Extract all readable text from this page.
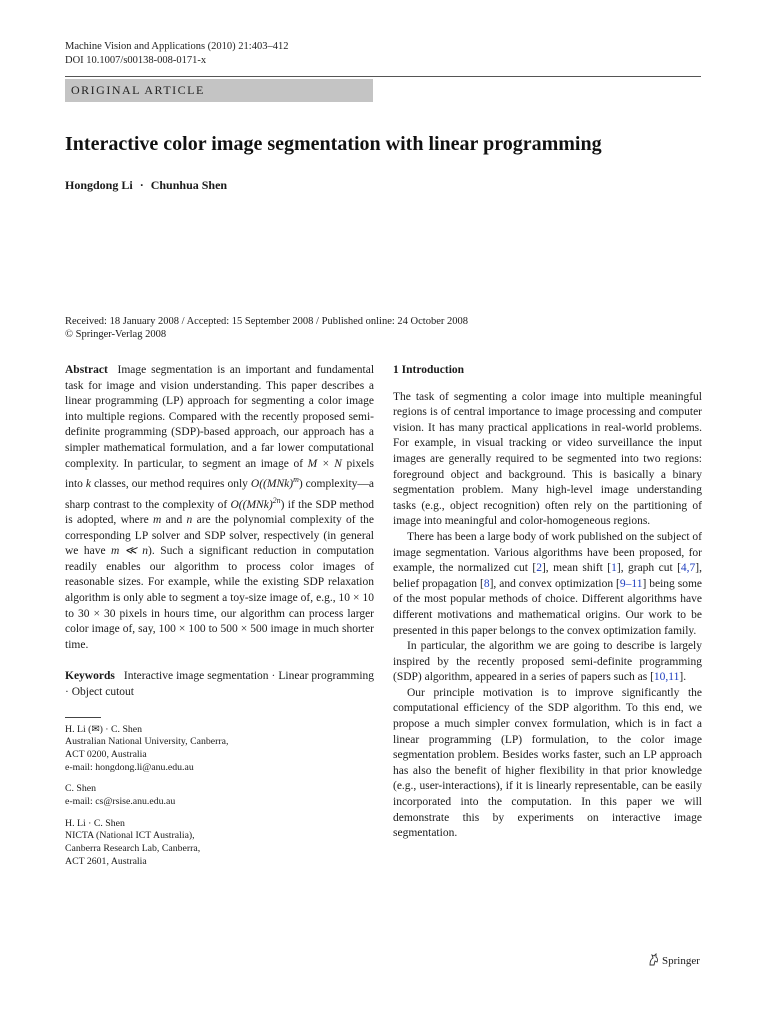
Machine Vision and Applications (2010) 21:403–412
DOI 10.1007/s00138-008-0171-x
ORIGINAL ARTICLE
Interactive color image segmentation with linear programming
Hongdong Li · Chunhua Shen
Received: 18 January 2008 / Accepted: 15 September 2008 / Published online: 24 October 2008
© Springer-Verlag 2008

Abstract Image segmentation is an important and fundamental task for image and vision understanding. This paper describes a linear programming (LP) approach for segmenting a color image into multiple regions. Compared with the recently proposed semi-definite programming (SDP)-based approach, our approach has a simpler mathematical formulation, and a far lower computational complexity. In particular, to segment an image of M × N pixels into k classes, our method requires only O((MNk)$^m$) complexity—a sharp contrast to the complexity of O((MNk)$^{2n}$) if the SDP method is adopted, where m and n are the polynomial complexity of the corresponding LP solver and SDP solver, respectively (in general we have m ≪ n). Such a significant reduction in computation readily enables our algorithm to process color images of reasonable sizes. For example, while the existing SDP relaxation algorithm is only able to segment a toy-size image of, e.g., 10 × 10 to 30 × 30 pixels in hours time, our algorithm can process larger color image of, say, 100 × 100 to 500 × 500 image in much shorter time.

Keywords Interactive image segmentation · Linear programming · Object cutout

H. Li (✉) · C. Shen
Australian National University, Canberra,
ACT 0200, Australia
e-mail: hongdong.li@anu.edu.au
C. Shen
e-mail: cs@rsise.anu.edu.au
H. Li · C. Shen
NICTA (National ICT Australia),
Canberra Research Lab, Canberra,
ACT 2601, Australia
1 Introduction

The task of segmenting a color image into multiple meaningful regions is of central importance to image processing and computer vision. It has many practical applications in real-world problems. For example, in visual tracking or video surveillance the input images are generally required to be segmented into two regions: foreground object and background. This is basically a binary segmentation problem. Many high-level image understanding tasks (e.g., object recognition) often rely on the partitioning of image into meaningful and color-homogeneous regions.

There has been a large body of work published on the subject of image segmentation. Various algorithms have been proposed, for example, the normalized cut [2], mean shift [1], graph cut [4,7], belief propagation [8], and convex optimization [9–11] being some of the most popular methods of choice. Different algorithms have different motivations and mathematical origins. Our work to be presented in this paper belongs to the convex optimization family.

In particular, the algorithm we are going to describe is largely inspired by the recently proposed semi-definite programming (SDP) algorithm, appeared in a series of papers such as [10,11].

Our principle motivation is to improve significantly the computational efficiency of the SDP algorithm. To this end, we propose a much simpler convex formulation, which is in fact a linear programming (LP) formulation, to the color image segmentation problem. Besides works faster, such an LP approach has also the benefit of higher flexibility in that prior knowledge (e.g., user-interactions), if it is linearly representable, can be easily incorporated into the computation. In this paper we will demonstrate this by experiments on interactive image segmentation.

Springer
